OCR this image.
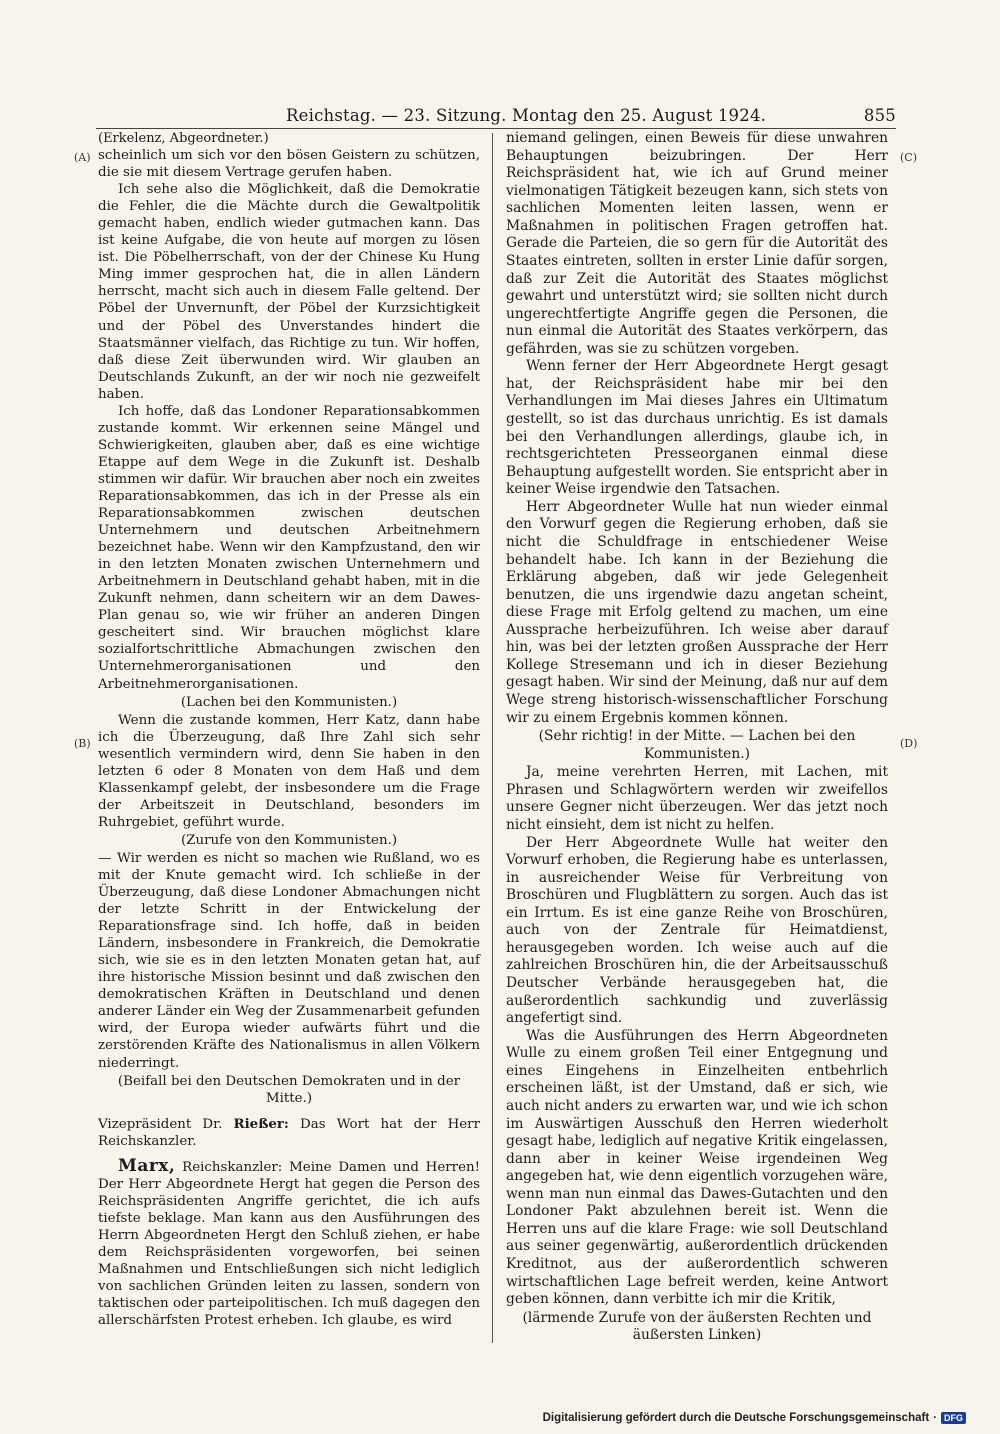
Reichstag. — 23. Sitzung. Montag den 25. August 1924.	855
(A)
(B)
(C)
(D)

(Erkelenz, Abgeordneter.)

scheinlich um sich vor den bösen Geistern zu schützen, die sie mit diesem Vertrage gerufen haben.

Ich sehe also die Möglichkeit, daß die Demokratie die Fehler, die die Mächte durch die Gewaltpolitik gemacht haben, endlich wieder gutmachen kann. Das ist keine Aufgabe, die von heute auf morgen zu lösen ist. Die Pöbelherrschaft, von der der Chinese Ku Hung Ming immer gesprochen hat, die in allen Ländern herrscht, macht sich auch in diesem Falle geltend. Der Pöbel der Unvernunft, der Pöbel der Kurzsichtigkeit und der Pöbel des Unverstandes hindert die Staatsmänner vielfach, das Richtige zu tun. Wir hoffen, daß diese Zeit überwunden wird. Wir glauben an Deutschlands Zukunft, an der wir noch nie gezweifelt haben.

Ich hoffe, daß das Londoner Reparationsabkommen zustande kommt. Wir erkennen seine Mängel und Schwierigkeiten, glauben aber, daß es eine wichtige Etappe auf dem Wege in die Zukunft ist. Deshalb stimmen wir dafür. Wir brauchen aber noch ein zweites Reparationsabkommen, das ich in der Presse als ein Reparationsabkommen zwischen deutschen Unternehmern und deutschen Arbeitnehmern bezeichnet habe. Wenn wir den Kampfzustand, den wir in den letzten Monaten zwischen Unternehmern und Arbeitnehmern in Deutschland gehabt haben, mit in die Zukunft nehmen, dann scheitern wir an dem Dawes-Plan genau so, wie wir früher an anderen Dingen gescheitert sind. Wir brauchen möglichst klare sozialfortschrittliche Abmachungen zwischen den Unternehmerorganisationen und den Arbeitnehmerorganisationen.

(Lachen bei den Kommunisten.)

Wenn die zustande kommen, Herr Katz, dann habe ich die Überzeugung, daß Ihre Zahl sich sehr wesentlich vermindern wird, denn Sie haben in den letzten 6 oder 8 Monaten von dem Haß und dem Klassenkampf gelebt, der insbesondere um die Frage der Arbeitszeit in Deutschland, besonders im Ruhrgebiet, geführt wurde.

(Zurufe von den Kommunisten.)

— Wir werden es nicht so machen wie Rußland, wo es mit der Knute gemacht wird. Ich schließe in der Überzeugung, daß diese Londoner Abmachungen nicht der letzte Schritt in der Entwickelung der Reparationsfrage sind. Ich hoffe, daß in beiden Ländern, insbesondere in Frankreich, die Demokratie sich, wie sie es in den letzten Monaten getan hat, auf ihre historische Mission besinnt und daß zwischen den demokratischen Kräften in Deutschland und denen anderer Länder ein Weg der Zusammenarbeit gefunden wird, der Europa wieder aufwärts führt und die zerstörenden Kräfte des Nationalismus in allen Völkern niederringt.

(Beifall bei den Deutschen Demokraten und in der Mitte.)

Vizepräsident Dr. Rießer: Das Wort hat der Herr Reichskanzler.

Marx, Reichskanzler: Meine Damen und Herren! Der Herr Abgeordnete Hergt hat gegen die Person des Reichspräsidenten Angriffe gerichtet, die ich aufs tiefste beklage. Man kann aus den Ausführungen des Herrn Abgeordneten Hergt den Schluß ziehen, er habe dem Reichspräsidenten vorgeworfen, bei seinen Maßnahmen und Entschließungen sich nicht lediglich von sachlichen Gründen leiten zu lassen, sondern von taktischen oder parteipolitischen. Ich muß dagegen den allerschärfsten Protest erheben. Ich glaube, es wird

niemand gelingen, einen Beweis für diese unwahren Behauptungen beizubringen. Der Herr Reichspräsident hat, wie ich auf Grund meiner vielmonatigen Tätigkeit bezeugen kann, sich stets von sachlichen Momenten leiten lassen, wenn er Maßnahmen in politischen Fragen getroffen hat. Gerade die Parteien, die so gern für die Autorität des Staates eintreten, sollten in erster Linie dafür sorgen, daß zur Zeit die Autorität des Staates möglichst gewahrt und unterstützt wird; sie sollten nicht durch ungerechtfertigte Angriffe gegen die Personen, die nun einmal die Autorität des Staates verkörpern, das gefährden, was sie zu schützen vorgeben.

Wenn ferner der Herr Abgeordnete Hergt gesagt hat, der Reichspräsident habe mir bei den Verhandlungen im Mai dieses Jahres ein Ultimatum gestellt, so ist das durchaus unrichtig. Es ist damals bei den Verhandlungen allerdings, glaube ich, in rechtsgerichteten Presseorganen einmal diese Behauptung aufgestellt worden. Sie entspricht aber in keiner Weise irgendwie den Tatsachen.

Herr Abgeordneter Wulle hat nun wieder einmal den Vorwurf gegen die Regierung erhoben, daß sie nicht die Schuldfrage in entschiedener Weise behandelt habe. Ich kann in der Beziehung die Erklärung abgeben, daß wir jede Gelegenheit benutzen, die uns irgendwie dazu angetan scheint, diese Frage mit Erfolg geltend zu machen, um eine Aussprache herbeizuführen. Ich weise aber darauf hin, was bei der letzten großen Aussprache der Herr Kollege Stresemann und ich in dieser Beziehung gesagt haben. Wir sind der Meinung, daß nur auf dem Wege streng historisch-wissenschaftlicher Forschung wir zu einem Ergebnis kommen können.

(Sehr richtig! in der Mitte. — Lachen bei den Kommunisten.)

Ja, meine verehrten Herren, mit Lachen, mit Phrasen und Schlagwörtern werden wir zweifellos unsere Gegner nicht überzeugen. Wer das jetzt noch nicht einsieht, dem ist nicht zu helfen.

Der Herr Abgeordnete Wulle hat weiter den Vorwurf erhoben, die Regierung habe es unterlassen, in ausreichender Weise für Verbreitung von Broschüren und Flugblättern zu sorgen. Auch das ist ein Irrtum. Es ist eine ganze Reihe von Broschüren, auch von der Zentrale für Heimatdienst, herausgegeben worden. Ich weise auch auf die zahlreichen Broschüren hin, die der Arbeitsausschuß Deutscher Verbände herausgegeben hat, die außerordentlich sachkundig und zuverlässig angefertigt sind.

Was die Ausführungen des Herrn Abgeordneten Wulle zu einem großen Teil einer Entgegnung und eines Eingehens in Einzelheiten entbehrlich erscheinen läßt, ist der Umstand, daß er sich, wie auch nicht anders zu erwarten war, und wie ich schon im Auswärtigen Ausschuß den Herren wiederholt gesagt habe, lediglich auf negative Kritik eingelassen, dann aber in keiner Weise irgendeinen Weg angegeben hat, wie denn eigentlich vorzugehen wäre, wenn man nun einmal das Dawes-Gutachten und den Londoner Pakt abzulehnen bereit ist. Wenn die Herren uns auf die klare Frage: wie soll Deutschland aus seiner gegenwärtig, außerordentlich drückenden Kreditnot, aus der außerordentlich schweren wirtschaftlichen Lage befreit werden, keine Antwort geben können, dann verbitte ich mir die Kritik,

(lärmende Zurufe von der äußersten Rechten und äußersten Linken)

Digitalisierung gefördert durch die Deutsche Forschungsgemeinschaft · DFG
